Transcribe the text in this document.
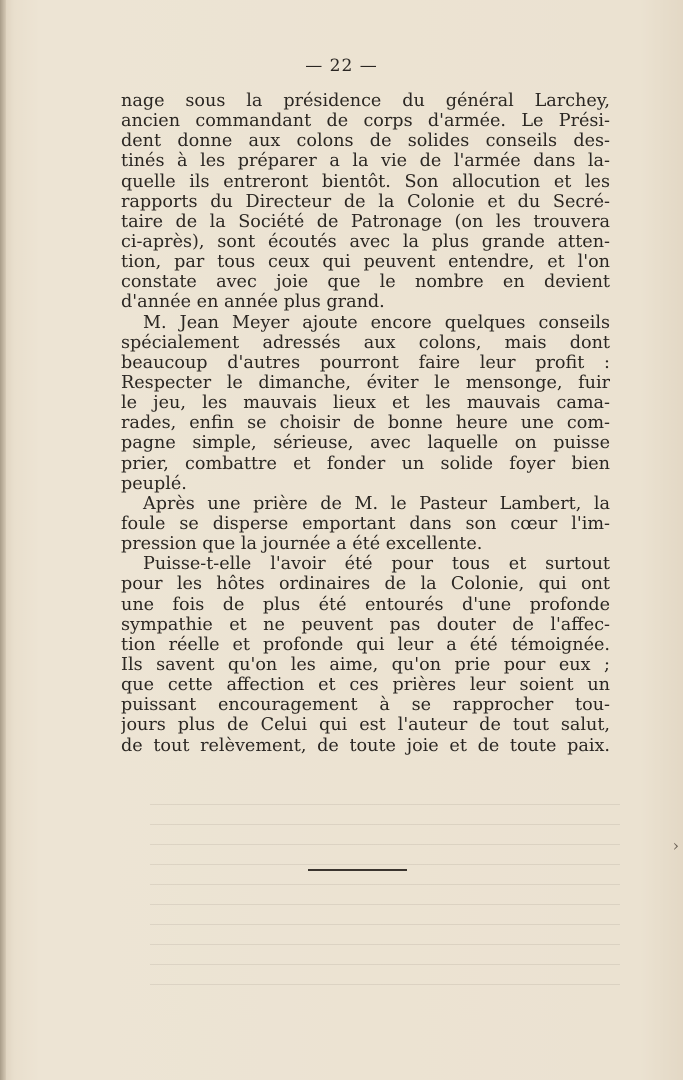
— 22 —
nage sous la présidence du général Larchey,
ancien commandant de corps d'armée. Le Prési-
dent donne aux colons de solides conseils des-
tinés à les préparer a la vie de l'armée dans la-
quelle ils entreront bientôt. Son allocution et les
rapports du Directeur de la Colonie et du Secré-
taire de la Société de Patronage (on les trouvera
ci-après), sont écoutés avec la plus grande atten-
tion, par tous ceux qui peuvent entendre, et l'on
constate avec joie que le nombre en devient
d'année en année plus grand.
M. Jean Meyer ajoute encore quelques conseils
spécialement adressés aux colons, mais dont
beaucoup d'autres pourront faire leur profit :
Respecter le dimanche, éviter le mensonge, fuir
le jeu, les mauvais lieux et les mauvais cama-
rades, enfin se choisir de bonne heure une com-
pagne simple, sérieuse, avec laquelle on puisse
prier, combattre et fonder un solide foyer bien
peuplé.
Après une prière de M. le Pasteur Lambert, la
foule se disperse emportant dans son cœur l'im-
pression que la journée a été excellente.
Puisse-t-elle l'avoir été pour tous et surtout
pour les hôtes ordinaires de la Colonie, qui ont
une fois de plus été entourés d'une profonde
sympathie et ne peuvent pas douter de l'affec-
tion réelle et profonde qui leur a été témoignée.
Ils savent qu'on les aime, qu'on prie pour eux ;
que cette affection et ces prières leur soient un
puissant encouragement à se rapprocher tou-
jours plus de Celui qui est l'auteur de tout salut,
de tout relèvement, de toute joie et de toute paix.
›
